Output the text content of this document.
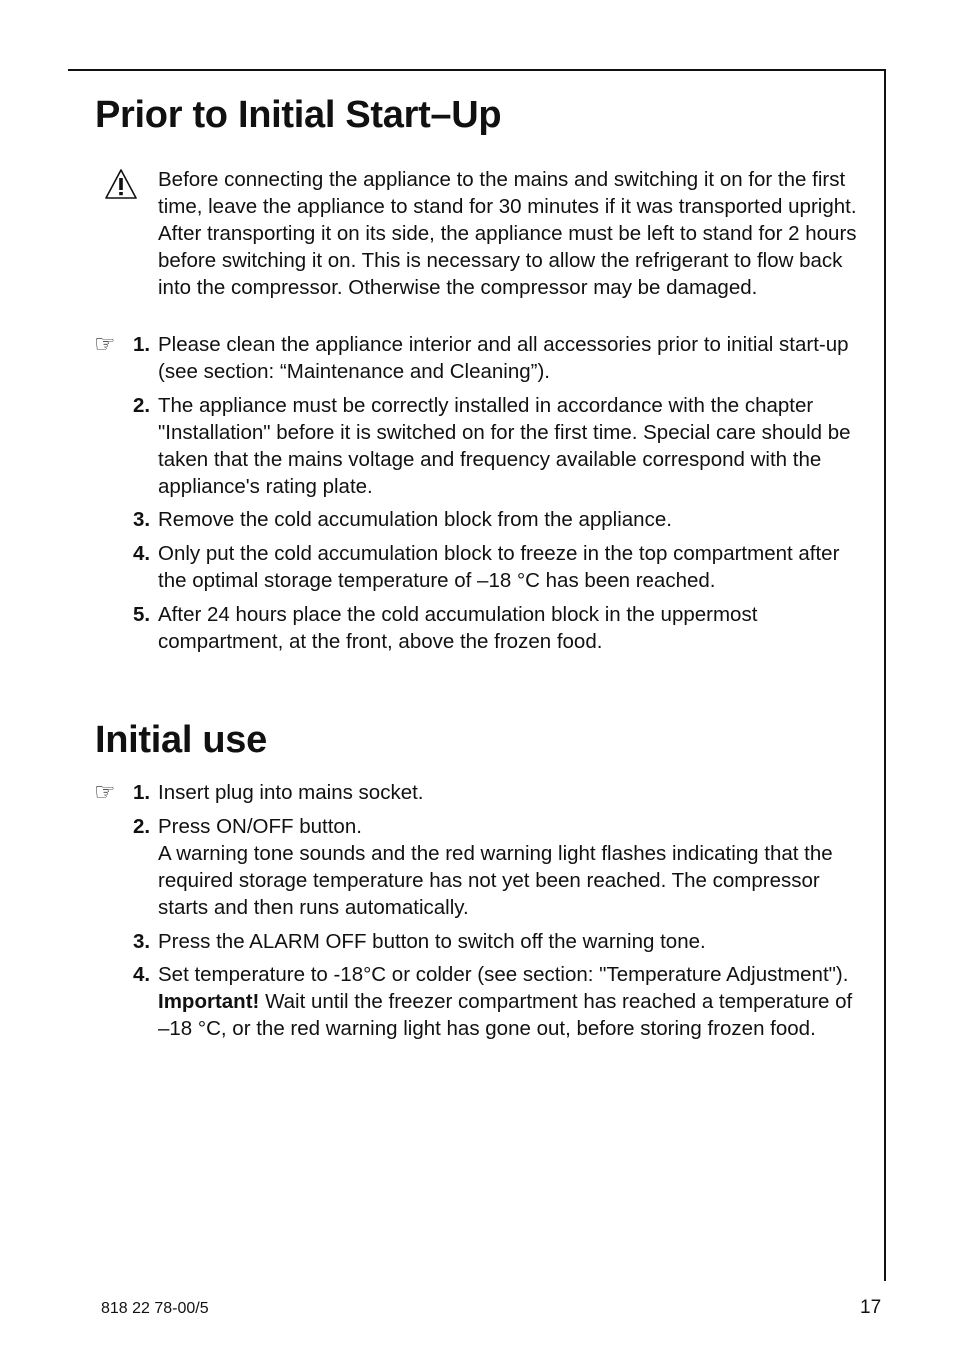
Prior to Initial Start–Up
Before connecting the appliance to the mains and switching it on for the first time, leave the appliance to stand for 30 minutes if it was transported upright. After transporting it on its side, the appliance must be left to stand for 2 hours before switching it on. This is necessary to allow the refrigerant to flow back into the compressor. Otherwise the compressor may be damaged.
☞ 1. Please clean the appliance interior and all accessories prior to initial start-up (see section: “Maintenance and Cleaning”).
2. The appliance must be correctly installed in accordance with the chapter "Installation" before it is switched on for the first time. Special care should be taken that the mains voltage and frequency available correspond with the appliance's rating plate.
3. Remove the cold accumulation block from the appliance.
4. Only put the cold accumulation block to freeze in the top compartment after the optimal storage temperature of –18 °C has been reached.
5. After 24 hours place the cold accumulation block in the uppermost compartment, at the front, above the frozen food.
Initial use
☞ 1. Insert plug into mains socket.
2. Press ON/OFF button.
A warning tone sounds and the red warning light flashes indicating that the required storage temperature has not yet been reached. The compressor starts and then runs automatically.
3. Press the ALARM OFF button to switch off the warning tone.
4. Set temperature to -18°C or colder (see section: "Temperature Adjustment").
Important! Wait until the freezer compartment has reached a temperature of –18 °C, or the red warning light has gone out, before storing frozen food.
818 22 78-00/5	17
